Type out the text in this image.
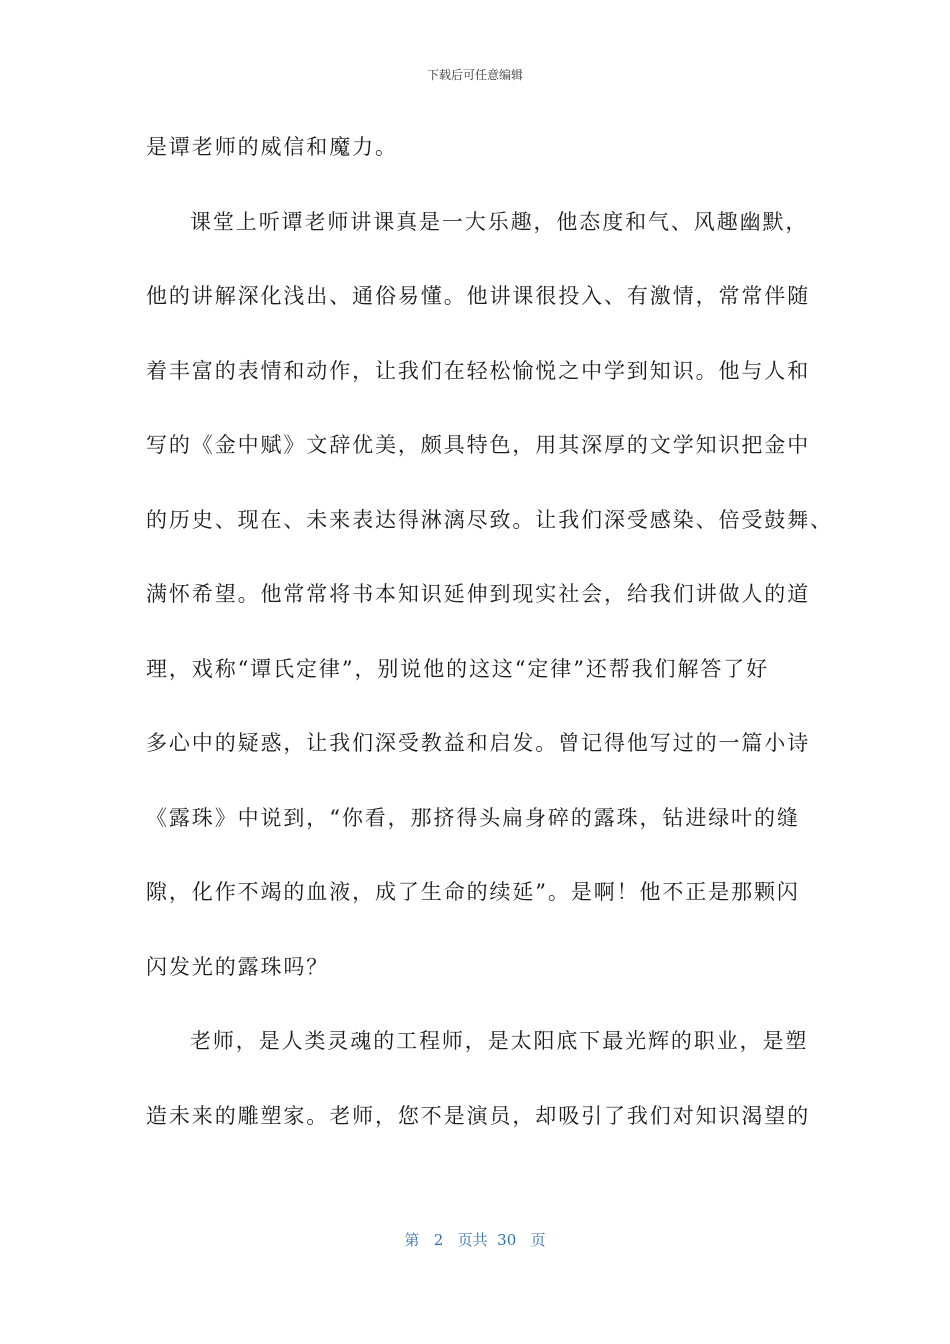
下载后可任意编辑
是谭老师的威信和魔力。
课堂上听谭老师讲课真是一大乐趣，他态度和气、风趣幽默，
他的讲解深化浅出、通俗易懂。他讲课很投入、有激情，常常伴随
着丰富的表情和动作，让我们在轻松愉悦之中学到知识。他与人和
写的《金中赋》文辞优美，颇具特色，用其深厚的文学知识把金中
的历史、现在、未来表达得淋漓尽致。让我们深受感染、倍受鼓舞、
满怀希望。他常常将书本知识延伸到现实社会，给我们讲做人的道
理，戏称“谭氏定律”，别说他的这这“定律”还帮我们解答了好
多心中的疑惑，让我们深受教益和启发。曾记得他写过的一篇小诗
《露珠》中说到，“你看，那挤得头扁身碎的露珠，钻进绿叶的缝
隙，化作不竭的血液，成了生命的续延”。是啊！他不正是那颗闪
闪发光的露珠吗？
老师，是人类灵魂的工程师，是太阳底下最光辉的职业，是塑
造未来的雕塑家。老师，您不是演员，却吸引了我们对知识渴望的
第 2 页共 30 页
